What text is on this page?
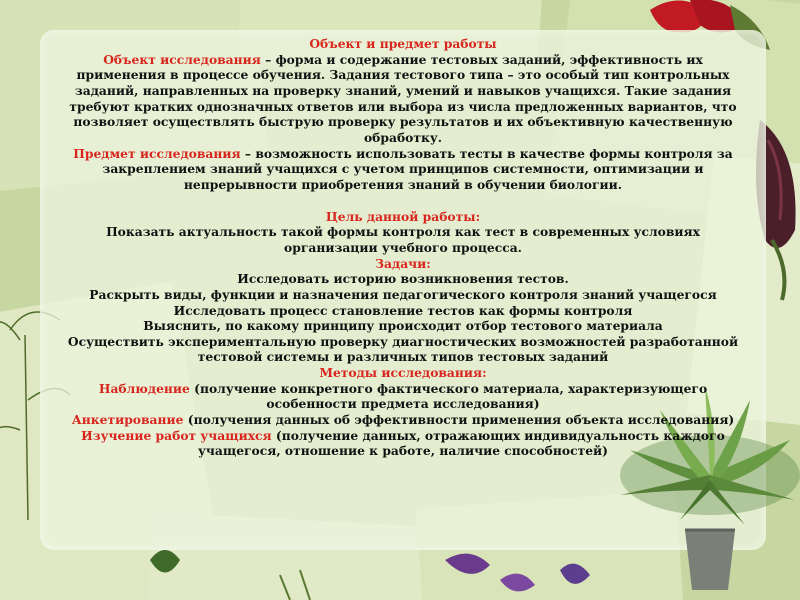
Объект и предмет работы

Объект исследования – форма и содержание тестовых заданий, эффективность их применения в процессе обучения. Задания тестового типа – это особый тип контрольных заданий, направленных на проверку знаний, умений и навыков учащихся. Такие задания требуют кратких однозначных ответов или выбора из числа предложенных вариантов, что позволяет осуществлять быструю проверку результатов и их объективную качественную обработку.

Предмет исследования – возможность использовать тесты в качестве формы контроля за закреплением знаний учащихся с учетом принципов системности, оптимизации и непрерывности приобретения знаний в обучении биологии.

Цель данной работы:

Показать актуальность такой формы контроля как тест в современных условиях организации учебного процесса.

Задачи:

Исследовать историю возникновения тестов.

Раскрыть виды, функции и назначения педагогического контроля знаний учащегося

Исследовать процесс становление тестов как формы контроля

Выяснить, по какому принципу происходит отбор тестового материала

Осуществить экспериментальную проверку диагностических возможностей разработанной тестовой системы и различных типов тестовых заданий

Методы исследования:

Наблюдение (получение конкретного фактического материала, характеризующего особенности предмета исследования)

Анкетирование (получения данных об эффективности применения объекта исследования)

Изучение работ учащихся (получение данных, отражающих индивидуальность каждого учащегося, отношение к работе, наличие способностей)
